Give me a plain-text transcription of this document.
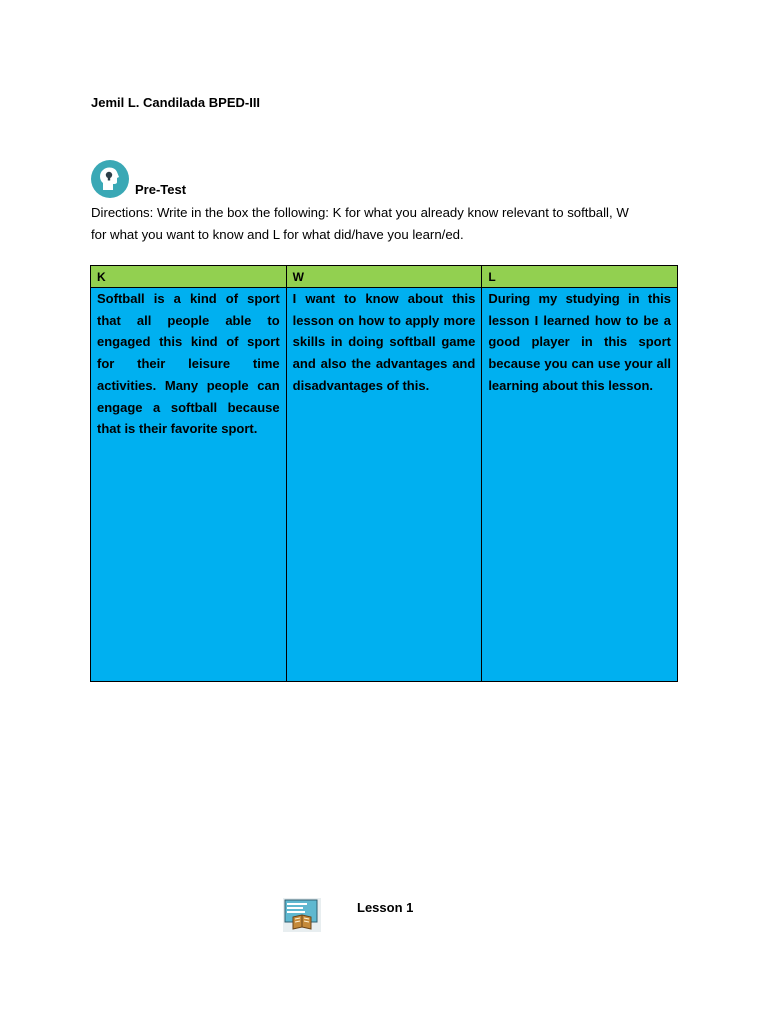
Jemil L. Candilada BPED-III
Pre-Test
Directions: Write in the box the following: K for what you already know relevant to softball, W
for what you want to know and L for what did/have you learn/ed.
K	W	L
Softball is a kind of sport that all people able to engaged this kind of sport for their leisure time activities. Many people can engage a softball because that is their favorite sport.	I want to know about this lesson on how to apply more skills in doing softball game and also the advantages and disadvantages of this.	During my studying in this lesson I learned how to be a good player in this sport because you can use your all learning about this lesson.
Lesson 1
